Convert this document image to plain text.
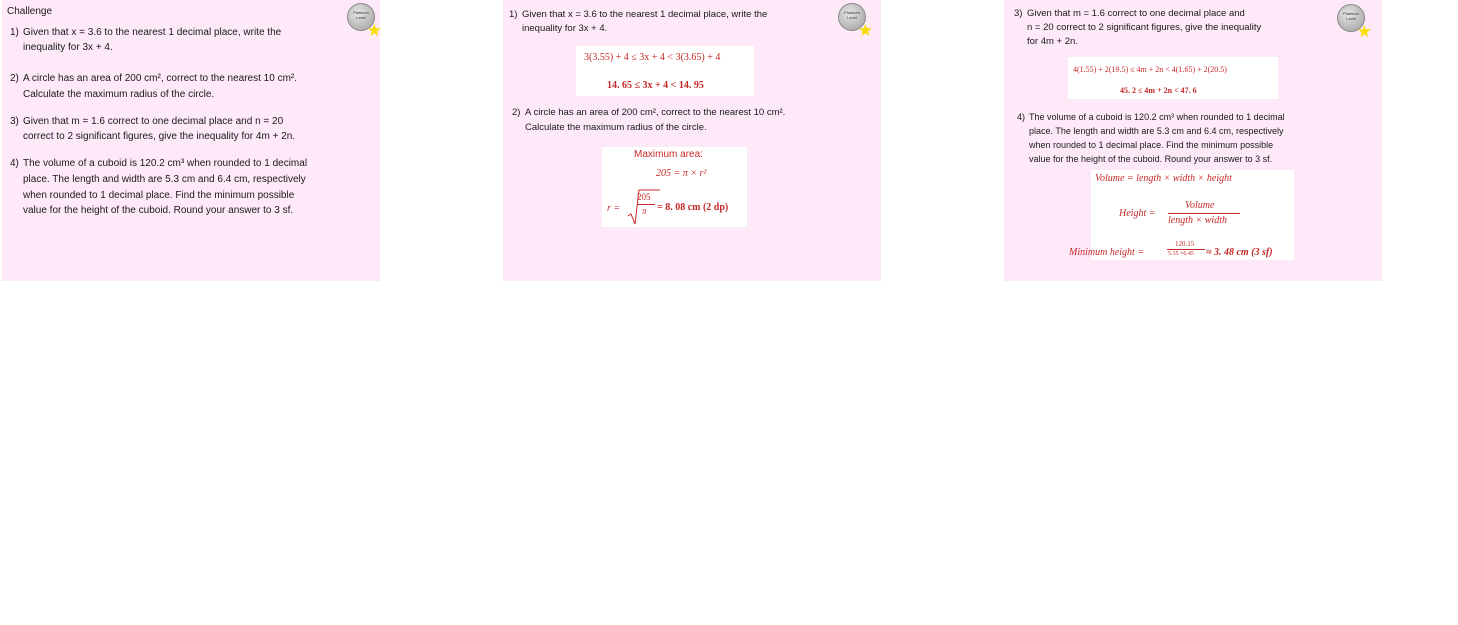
Challenge	Platinum
Level
★
1) Given that x = 3.6 to the nearest 1 decimal place, write the
inequality for 3x + 4.
2) A circle has an area of 200 cm², correct to the nearest 10 cm².
Calculate the maximum radius of the circle.
3) Given that m = 1.6 correct to one decimal place and n = 20
correct to 2 significant figures, give the inequality for 4m + 2n.
4) The volume of a cuboid is 120.2 cm³ when rounded to 1 decimal
place. The length and width are 5.3 cm and 6.4 cm, respectively
when rounded to 1 decimal place. Find the minimum possible
value for the height of the cuboid. Round your answer to 3 sf.
Platinum
Level
★
1) Given that x = 3.6 to the nearest 1 decimal place, write the
inequality for 3x + 4.
3(3.55) + 4 ≤ 3x + 4 < 3(3.65) + 4
14. 65 ≤ 3x + 4 < 14. 95
2) A circle has an area of 200 cm², correct to the nearest 10 cm².
Calculate the maximum radius of the circle.
Maximum area:
205 = π × r²
r =
205
π = 8. 08 cm (2 dp)
Platinum
Level
★
3) Given that m = 1.6 correct to one decimal place and
n = 20 correct to 2 significant figures, give the inequality
for 4m + 2n.
4(1.55) + 2(19.5) ≤ 4m + 2n < 4(1.65) + 2(20.5)
45. 2 ≤ 4m + 2n < 47. 6
4) The volume of a cuboid is 120.2 cm³ when rounded to 1 decimal
place. The length and width are 5.3 cm and 6.4 cm, respectively
when rounded to 1 decimal place. Find the minimum possible
value for the height of the cuboid. Round your answer to 3 sf.
Volume = length × width × height
Height =
Volume
length × width
Minimum height =
120.15
5.35 ×6.45 ≈ 3. 48 cm (3 sf)
